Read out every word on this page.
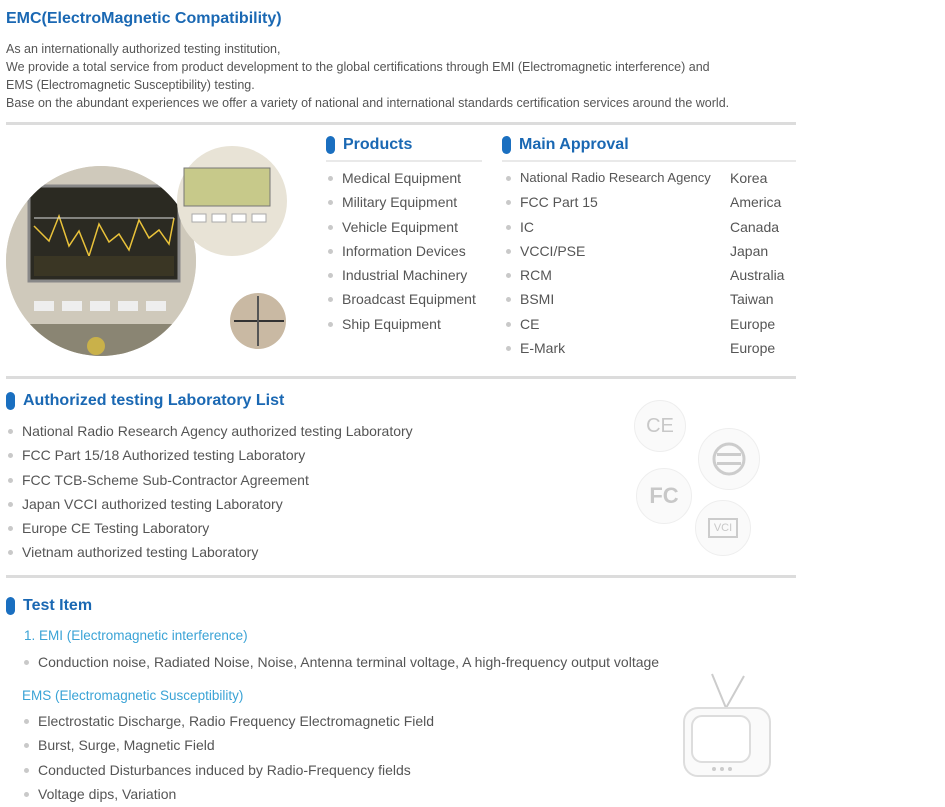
EMC(ElectroMagnetic Compatibility)
As an internationally authorized testing institution,
We provide a total service from product development to the global certifications through EMI (Electromagnetic interference) and
EMS (Electromagnetic Susceptibility) testing.
Base on the abundant experiences we offer a variety of national and international standards certification services around the world.
Products
Medical Equipment
Military Equipment
Vehicle Equipment
Information Devices
Industrial Machinery
Broadcast Equipment
Ship Equipment
Main Approval
National Radio Research Agency	Korea
FCC Part 15	America
IC	Canada
VCCI/PSE	Japan
RCM	Australia
BSMI	Taiwan
CE	Europe
E-Mark	Europe
Authorized testing Laboratory List
National Radio Research Agency authorized testing Laboratory
FCC Part 15/18 Authorized testing Laboratory
FCC TCB-Scheme Sub-Contractor Agreement
Japan VCCI authorized testing Laboratory
Europe CE Testing Laboratory
Vietnam authorized testing Laboratory
CE
FC
VCI
Test Item
1. EMI (Electromagnetic interference)
Conduction noise, Radiated Noise, Noise, Antenna terminal voltage, A high-frequency output voltage
EMS (Electromagnetic Susceptibility)
Electrostatic Discharge, Radio Frequency Electromagnetic Field
Burst, Surge, Magnetic Field
Conducted Disturbances induced by Radio-Frequency fields
Voltage dips, Variation
